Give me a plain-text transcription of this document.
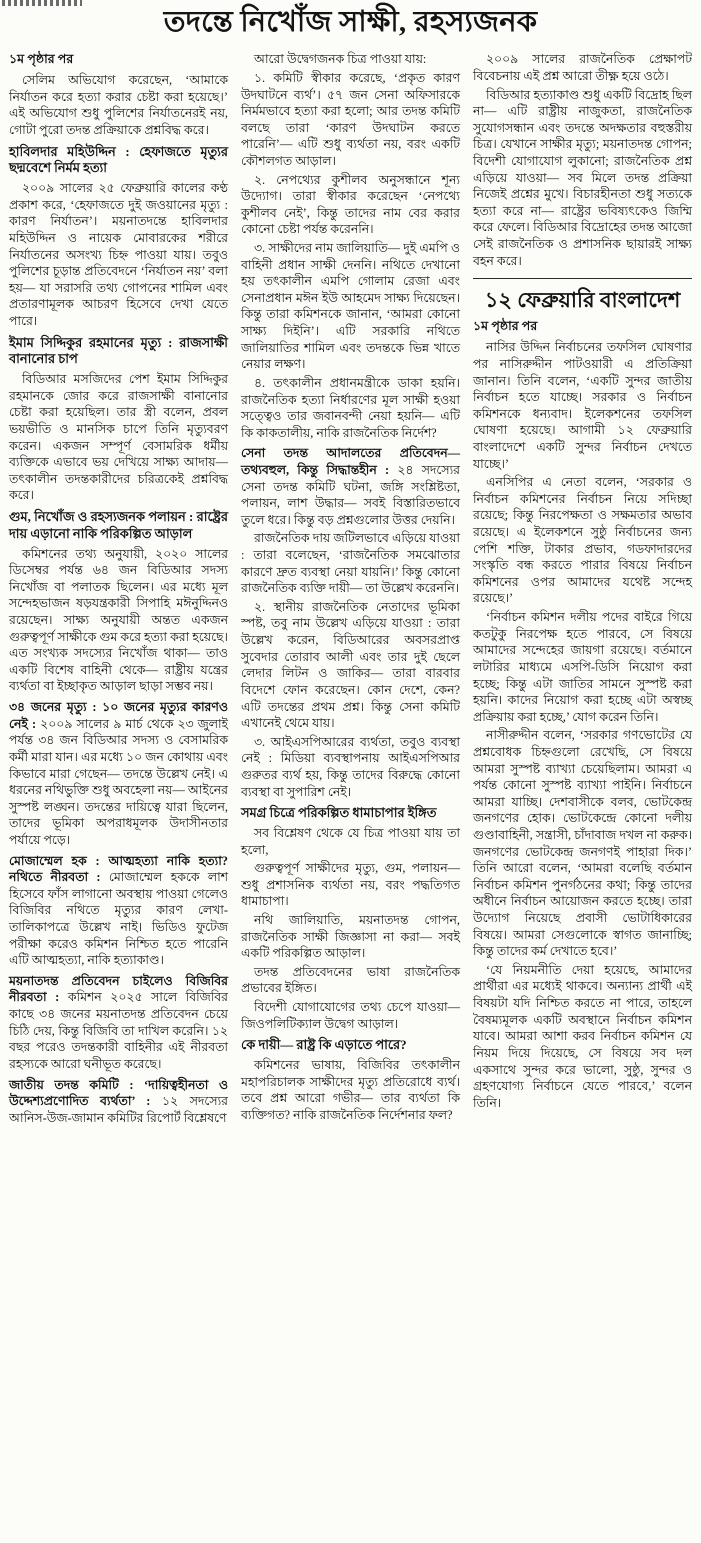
তদন্তে নিখোঁজ সাক্ষী, রহস্যজনক

১ম পৃষ্ঠার পর

সেলিম অভিযোগ করেছেন, ‘আমাকে নির্যাতন করে হত্যা করার চেষ্টা করা হয়েছে।’ এই অভিযোগ শুধু পুলিশের নির্যাতনেরই নয়, গোটা পুরো তদন্ত প্রক্রিয়াকে প্রশ্নবিদ্ধ করে।

হাবিলদার মহিউদ্দিন : হেফাজতে মৃত্যুর ছদ্মবেশে নির্মম হত্যা

২০০৯ সালের ২৫ ফেব্রুয়ারি কালের কণ্ঠ প্রকাশ করে, ‘হেফাজতে দুই জওয়ানের মৃত্যু : কারণ নির্যাতন’। ময়নাতদন্তে হাবিলদার মহিউদ্দিন ও নায়েক মোবারকের শরীরে নির্যাতনের অসংখ্য চিহ্ন পাওয়া যায়। তবুও পুলিশের চূড়ান্ত প্রতিবেদনে ‘নির্যাতন নয়’ বলা হয়— যা সরাসরি তথ্য গোপনের শামিল এবং প্রতারণামূলক আচরণ হিসেবে দেখা যেতে পারে।

ইমাম সিদ্দিকুর রহমানের মৃত্যু : রাজসাক্ষী বানানোর চাপ

বিডিআর মসজিদের পেশ ইমাম সিদ্দিকুর রহমানকে জোর করে রাজসাক্ষী বানানোর চেষ্টা করা হয়েছিল। তার স্ত্রী বলেন, প্রবল ভয়ভীতি ও মানসিক চাপে তিনি মৃত্যুবরণ করেন। একজন সম্পূর্ণ বেসামরিক ধর্মীয় ব্যক্তিকে এভাবে ভয় দেখিয়ে সাক্ষ্য আদায়— তৎকালীন তদন্তকারীদের চরিত্রকেই প্রশ্নবিদ্ধ করে।

গুম, নিখোঁজ ও রহস্যজনক পলায়ন : রাষ্ট্রের দায় এড়ানো নাকি পরিকল্পিত আড়াল

কমিশনের তথ্য অনুযায়ী, ২০২০ সালের ডিসেম্বর পর্যন্ত ৬৪ জন বিডিআর সদস্য নিখোঁজ বা পলাতক ছিলেন। এর মধ্যে মূল সন্দেহভাজন ষড়যন্ত্রকারী সিপাহি মঈনুদ্দিনও রয়েছেন। সাক্ষ্য অনুযায়ী অন্তত একজন গুরুত্বপূর্ণ সাক্ষীকে গুম করে হত্যা করা হয়েছে। এত সংখ্যক সদস্যের নিখোঁজ থাকা— তাও একটি বিশেষ বাহিনী থেকে— রাষ্ট্রীয় যন্ত্রের ব্যর্থতা বা ইচ্ছাকৃত আড়াল ছাড়া সম্ভব নয়।

৩৪ জনের মৃত্যু : ১০ জনের মৃত্যুর কারণও নেই : ২০০৯ সালের ৯ মার্চ থেকে ২৩ জুলাই পর্যন্ত ৩৪ জন বিডিআর সদস্য ও বেসামরিক কর্মী মারা যান। এর মধ্যে ১০ জন কোথায় এবং কিভাবে মারা গেছেন— তদন্তে উল্লেখ নেই। এ ধরনের নথিভুক্তি শুধু অবহেলা নয়— আইনের সুস্পষ্ট লঙ্ঘন। তদন্তের দায়িত্বে যারা ছিলেন, তাদের ভূমিকা অপরাধমূলক উদাসীনতার পর্যায়ে পড়ে।

মোজাম্মেল হক : আত্মহত্যা নাকি হত্যা? নথিতে নীরবতা : মোজাম্মেল হককে লাশ হিসেবে ফাঁস লাগানো অবস্থায় পাওয়া গেলেও বিজিবির নথিতে মৃত্যুর কারণ লেখা-তালিকাপত্রে উল্লেখ নাই। ভিডিও ফুটেজ পরীক্ষা করেও কমিশন নিশ্চিত হতে পারেনি এটি আত্মহত্যা, নাকি হত্যাকাণ্ড।

ময়নাতদন্ত প্রতিবেদন চাইলেও বিজিবির নীরবতা : কমিশন ২০২৫ সালে বিজিবির কাছে ৩৪ জনের ময়নাতদন্ত প্রতিবেদন চেয়ে চিঠি দেয়, কিন্তু বিজিবি তা দাখিল করেনি। ১২ বছর পরেও তদন্তকারী বাহিনীর এই নীরবতা রহস্যকে আরো ঘনীভূত করেছে।

জাতীয় তদন্ত কমিটি : ‘দায়িত্বহীনতা ও উদ্দেশ্যপ্রণোদিত ব্যর্থতা’ : ১২ সদস্যের আনিস-উজ-জামান কমিটির রিপোর্ট বিশ্লেষণে

আরো উদ্বেগজনক চিত্র পাওয়া যায়:

১. কমিটি স্বীকার করেছে, ‘প্রকৃত কারণ উদঘাটনে ব্যর্থ’। ৫৭ জন সেনা অফিসারকে নির্মমভাবে হত্যা করা হলো; আর তদন্ত কমিটি বলছে তারা ‘কারণ উদঘাটন করতে পারেনি’— এটি শুধু ব্যর্থতা নয়, বরং একটি কৌশলগত আড়াল।

২. নেপথ্যের কুশীলব অনুসন্ধানে শূন্য উদ্যোগ। তারা স্বীকার করেছেন ‘নেপথ্যে কুশীলব নেই’, কিন্তু তাদের নাম বের করার কোনো চেষ্টা পর্যন্ত করেননি।

৩. সাক্ষীদের নাম জালিয়াতি— দুই এমপি ও বাহিনী প্রধান সাক্ষী দেননি। নথিতে দেখানো হয় তৎকালীন এমপি গোলাম রেজা এবং সেনাপ্রধান মঈন ইউ আহমেদ সাক্ষ্য দিয়েছেন। কিন্তু তারা কমিশনকে জানান, ‘আমরা কোনো সাক্ষ্য দিইনি’। এটি সরকারি নথিতে জালিয়াতির শামিল এবং তদন্তকে ভিন্ন খাতে নেয়ার লক্ষণ।

৪. তৎকালীন প্রধানমন্ত্রীকে ডাকা হয়নি। রাজনৈতিক হত্যা নির্ধারণের মূল সাক্ষী হওয়া সত্ত্বেও তার জবানবন্দী নেয়া হয়নি— এটি কি কাকতালীয়, নাকি রাজনৈতিক নির্দেশ?

সেনা তদন্ত আদালতের প্রতিবেদন— তথ্যবহুল, কিন্তু সিদ্ধান্তহীন : ২৪ সদস্যের সেনা তদন্ত কমিটি ঘটনা, জঙ্গি সংশ্লিষ্টতা, পলায়ন, লাশ উদ্ধার— সবই বিস্তারিতভাবে তুলে ধরে। কিন্তু বড় প্রশ্নগুলোর উত্তর দেয়নি।

রাজনৈতিক দায় জটিলভাবে এড়িয়ে যাওয়া : তারা বলেছেন, ‘রাজনৈতিক সমঝোতার কারণে দ্রুত ব্যবস্থা নেয়া যায়নি।’ কিন্তু কোনো রাজনৈতিক ব্যক্তি দায়ী— তা উল্লেখ করেননি।

২. স্থানীয় রাজনৈতিক নেতাদের ভূমিকা স্পষ্ট, তবু নাম উল্লেখ এড়িয়ে যাওয়া : তারা উল্লেখ করেন, বিডিআরের অবসরপ্রাপ্ত সুবেদার তোরাব আলী এবং তার দুই ছেলে লেদার লিটন ও জাকির— তারা বারবার বিদেশে ফোন করেছেন। কোন দেশে, কেন? এটি তদন্তের প্রথম প্রশ্ন। কিন্তু সেনা কমিটি এখানেই থেমে যায়।

৩. আইএসপিআরের ব্যর্থতা, তবুও ব্যবস্থা নেই : মিডিয়া ব্যবস্থাপনায় আইএসপিআর গুরুতর ব্যর্থ হয়, কিন্তু তাদের বিরুদ্ধে কোনো ব্যবস্থা বা সুপারিশ নেই।

সমগ্র চিত্রে পরিকল্পিত ধামাচাপার ইঙ্গিত

সব বিশ্লেষণ থেকে যে চিত্র পাওয়া যায় তা হলো,

গুরুত্বপূর্ণ সাক্ষীদের মৃত্যু, গুম, পলায়ন— শুধু প্রশাসনিক ব্যর্থতা নয়, বরং পদ্ধতিগত ধামাচাপা।

নথি জালিয়াতি, ময়নাতদন্ত গোপন, রাজনৈতিক সাক্ষী জিজ্ঞাসা না করা— সবই একটি পরিকল্পিত আড়াল।

তদন্ত প্রতিবেদনের ভাষা রাজনৈতিক প্রভাবের ইঙ্গিত।

বিদেশী যোগাযোগের তথ্য চেপে যাওয়া— জিওপলিটিক্যাল উদ্বেগ আড়াল।

কে দায়ী— রাষ্ট্র কি এড়াতে পারে?

কমিশনের ভাষায়, বিজিবির তৎকালীন মহাপরিচালক সাক্ষীদের মৃত্যু প্রতিরোধে ব্যর্থ। তবে প্রশ্ন আরো গভীর— তার ব্যর্থতা কি ব্যক্তিগত? নাকি রাজনৈতিক নির্দেশনার ফল?

২০০৯ সালের রাজনৈতিক প্রেক্ষাপট বিবেচনায় এই প্রশ্ন আরো তীক্ষ্ণ হয়ে ওঠে।

বিডিআর হত্যাকাণ্ড শুধু একটি বিদ্রোহ ছিল না— এটি রাষ্ট্রীয় নাজুকতা, রাজনৈতিক সুযোগসন্ধান এবং তদন্তে অদক্ষতার বহুস্তরীয় চিত্র। যেখানে সাক্ষীর মৃত্যু; ময়নাতদন্ত গোপন; বিদেশী যোগাযোগ লুকানো; রাজনৈতিক প্রশ্ন এড়িয়ে যাওয়া— সব মিলে তদন্ত প্রক্রিয়া নিজেই প্রশ্নের মুখে। বিচারহীনতা শুধু সত্যকে হত্যা করে না— রাষ্ট্রের ভবিষ্যৎকেও জিম্মি করে ফেলে। বিডিআর বিদ্রোহের তদন্ত আজো সেই রাজনৈতিক ও প্রশাসনিক ছায়ারই সাক্ষ্য বহন করে।

১২ ফেব্রুয়ারি বাংলাদেশ

১ম পৃষ্ঠার পর

নাসির উদ্দিন নির্বাচনের তফসিল ঘোষণার পর নাসিরুদ্দীন পাটওয়ারী এ প্রতিক্রিয়া জানান। তিনি বলেন, ‘একটি সুন্দর জাতীয় নির্বাচন হতে যাচ্ছে। সরকার ও নির্বাচন কমিশনকে ধন্যবাদ। ইলেকশনের তফসিল ঘোষণা হয়েছে। আগামী ১২ ফেব্রুয়ারি বাংলাদেশে একটি সুন্দর নির্বাচন দেখতে যাচ্ছে।’

এনসিপির এ নেতা বলেন, ‘সরকার ও নির্বাচন কমিশনের নির্বাচন নিয়ে সদিচ্ছা রয়েছে; কিন্তু নিরপেক্ষতা ও সক্ষমতার অভাব রয়েছে। এ ইলেকশনে সুষ্ঠু নির্বাচনের জন্য পেশি শক্তি, টাকার প্রভাব, গডফাদারদের সংস্কৃতি বন্ধ করতে পারার বিষয়ে নির্বাচন কমিশনের ওপর আমাদের যথেষ্ট সন্দেহ রয়েছে।’

‘নির্বাচন কমিশন দলীয় পদের বাইরে গিয়ে কতটুকু নিরপেক্ষ হতে পারবে, সে বিষয়ে আমাদের সন্দেহের জায়গা রয়েছে। বর্তমানে লটারির মাধ্যমে এসপি-ডিসি নিয়োগ করা হচ্ছে; কিন্তু এটা জাতির সামনে সুস্পষ্ট করা হয়নি। কাদের নিয়োগ করা হচ্ছে এটা অস্বচ্ছ প্রক্রিয়ায় করা হচ্ছে,’ যোগ করেন তিনি।

নাসীরুদ্দীন বলেন, ‘সরকার গণভোটের যে প্রশ্নবোধক চিহ্নগুলো রেখেছি, সে বিষয়ে আমরা সুস্পষ্ট ব্যাখ্যা চেয়েছিলাম। আমরা এ পর্যন্ত কোনো সুস্পষ্ট ব্যাখ্যা পাইনি। নির্বাচনে আমরা যাচ্ছি। দেশবাসীকে বলব, ভোটকেন্দ্র জনগণের হোক। ভোটকেন্দ্রে কোনো দলীয় গুণ্ডাবাহিনী, সন্ত্রাসী, চাঁদাবাজ দখল না করুক। জনগণের ভোটকেন্দ্র জনগণই পাহারা দিক।’ তিনি আরো বলেন, ‘আমরা বলেছি বর্তমান নির্বাচন কমিশন পুনর্গঠনের কথা; কিন্তু তাদের অধীনে নির্বাচন আয়োজন করতে হচ্ছে। তারা উদ্যোগ নিয়েছে প্রবাসী ভোটাধিকারের বিষয়ে। আমরা সেগুলোকে স্বাগত জানাচ্ছি; কিন্তু তাদের কর্ম দেখাতে হবে।’

‘যে নিয়মনীতি দেয়া হয়েছে, আমাদের প্রার্থীরা এর মধ্যেই থাকবে। অন্যান্য প্রার্থী এই বিষয়টা যদি নিশ্চিত করতে না পারে, তাহলে বৈষম্যমূলক একটি অবস্থানে নির্বাচন কমিশন যাবে। আমরা আশা করব নির্বাচন কমিশন যে নিয়ম দিয়ে দিয়েছে, সে বিষয়ে সব দল একসাথে সুন্দর করে ভালো, সুষ্ঠু, সুন্দর ও গ্রহণযোগ্য নির্বাচনে যেতে পারবে,’ বলেন তিনি।
